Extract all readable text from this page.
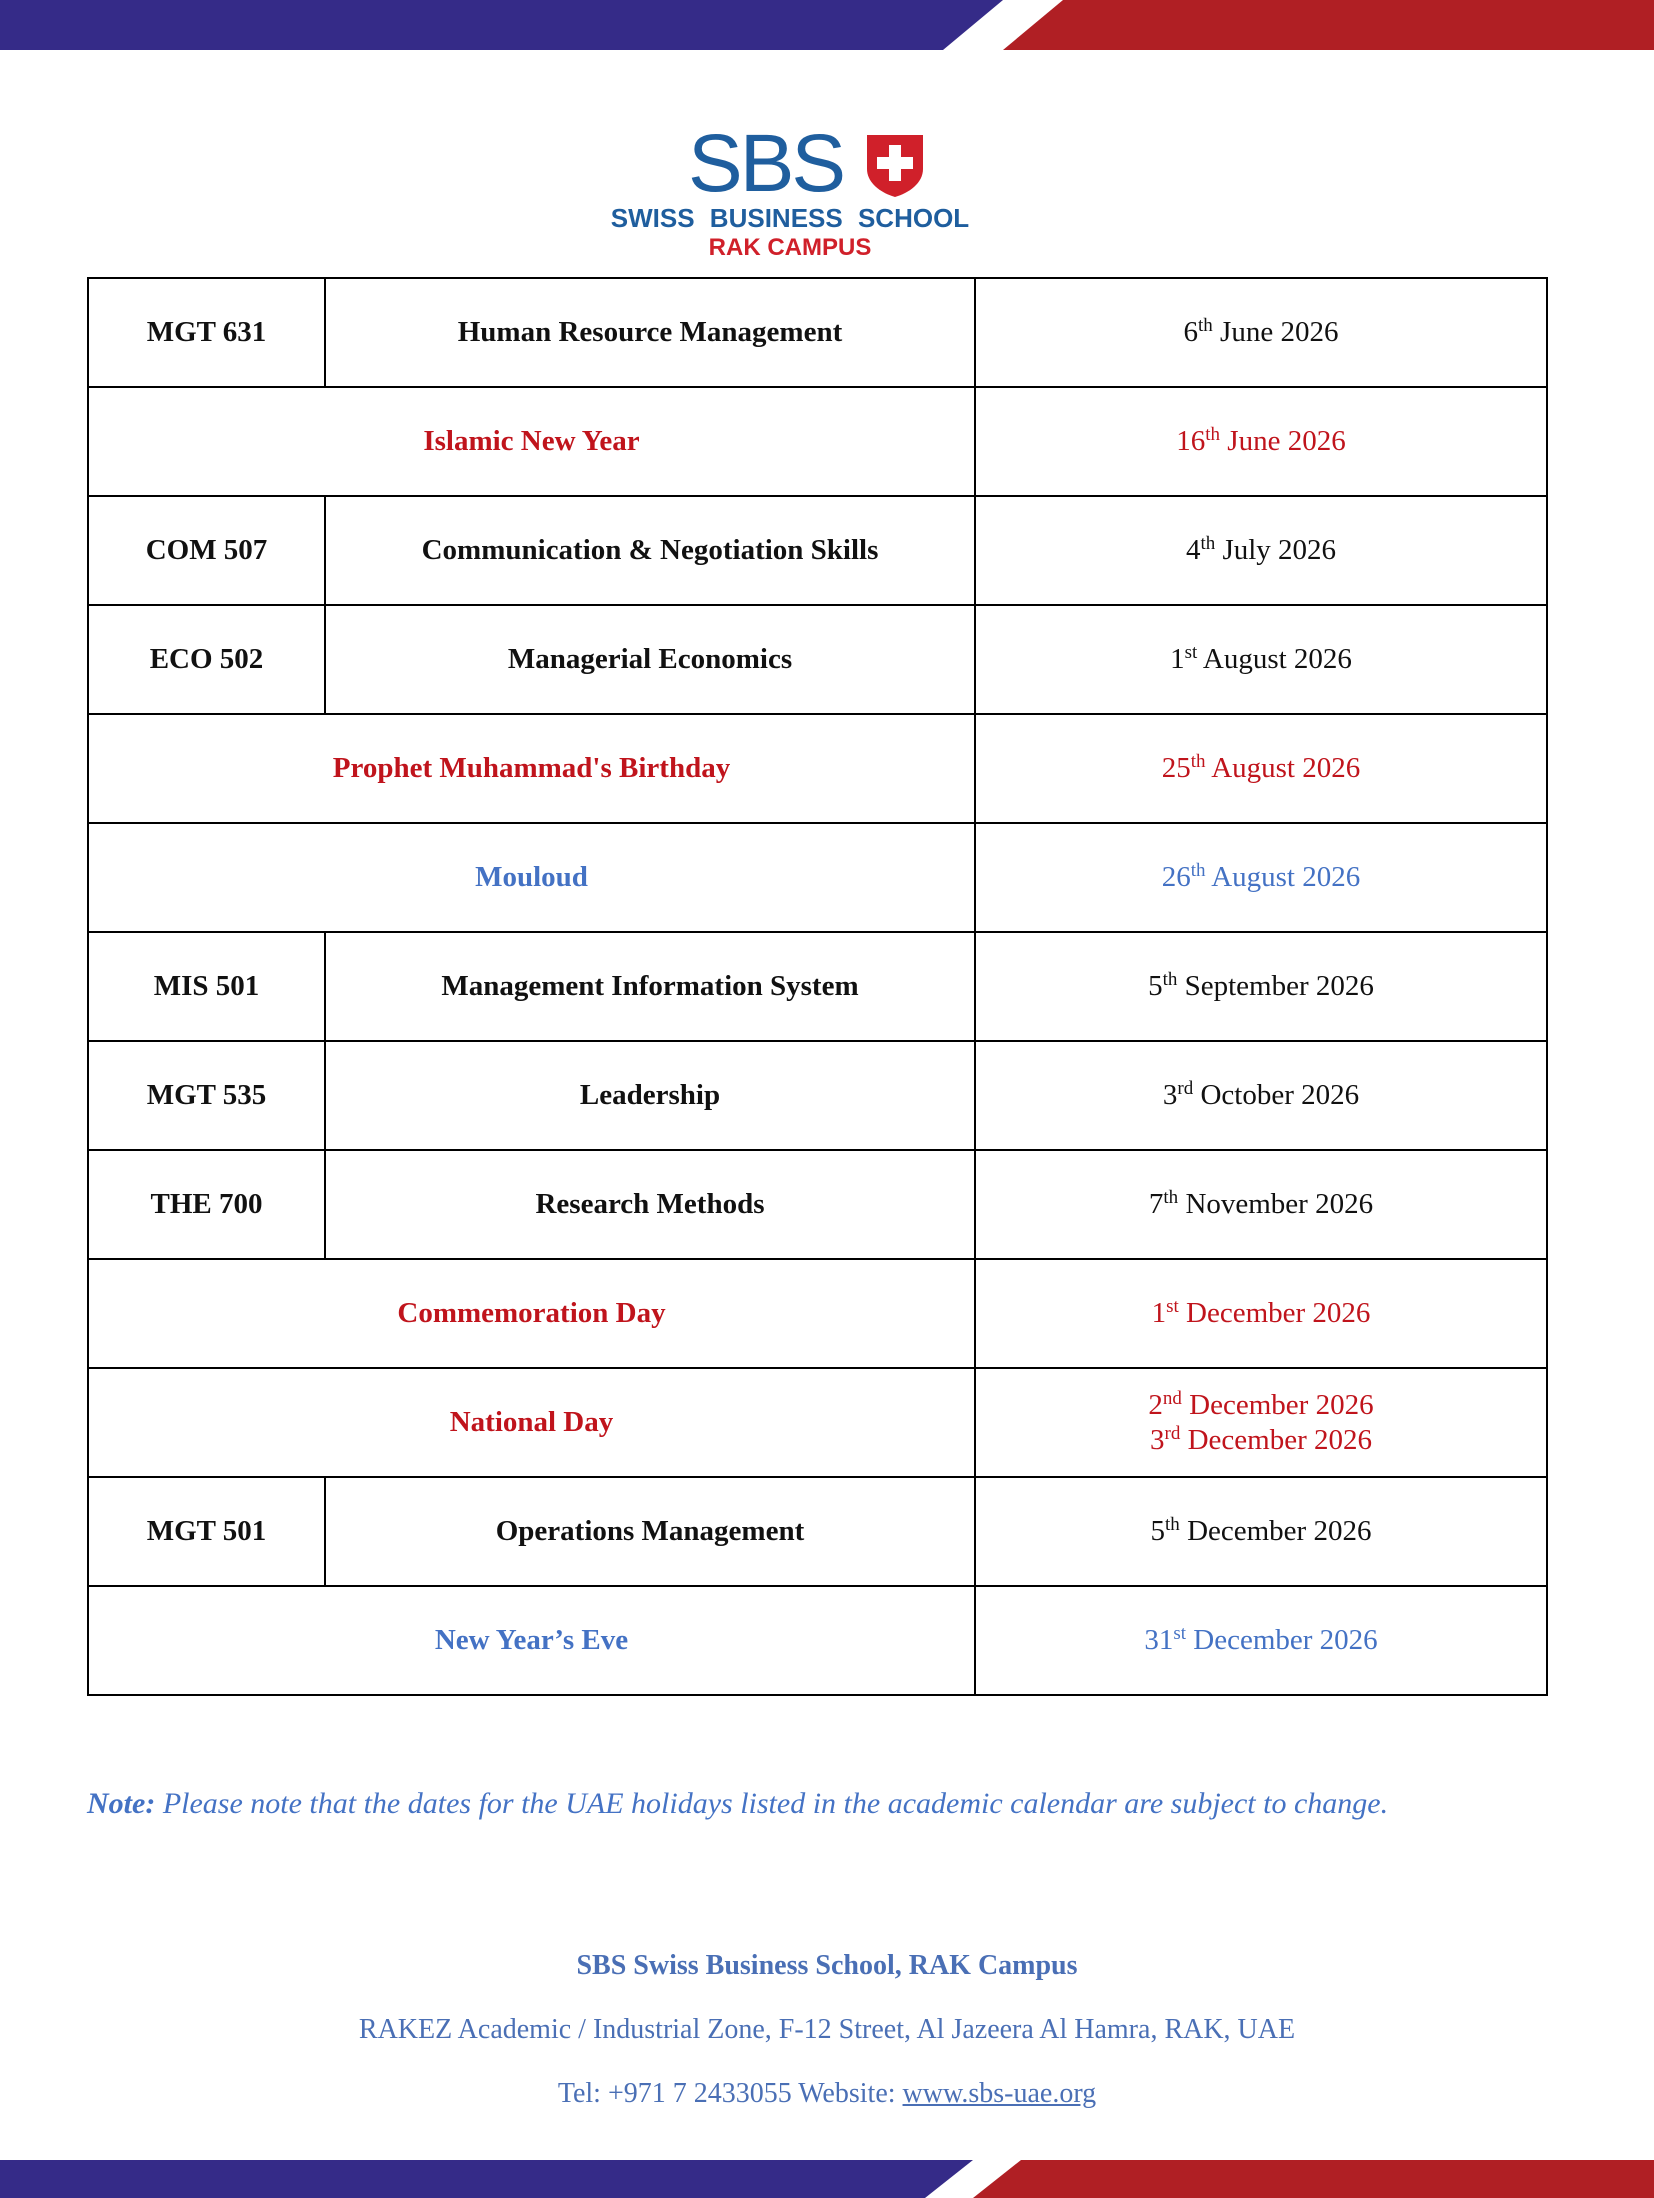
SBS
SWISS BUSINESS SCHOOL
RAK CAMPUS
MGT 631	Human Resource Management	6th June 2026

Islamic New Year		16th June 2026

COM 507	Communication & Negotiation Skills	4th July 2026

ECO 502	Managerial Economics	1st August 2026

Prophet Muhammad's Birthday		25th August 2026

Mouloud		26th August 2026

MIS 501	Management Information System	5th September 2026

MGT 535	Leadership	3rd October 2026

THE 700	Research Methods	7th November 2026

Commemoration Day		1st December 2026

National Day		2nd December 2026
3rd December 2026

MGT 501	Operations Management	5th December 2026

New Year’s Eve		31st December 2026
Note: Please note that the dates for the UAE holidays listed in the academic calendar are subject to change.
SBS Swiss Business School, RAK Campus
RAKEZ Academic / Industrial Zone, F-12 Street, Al Jazeera Al Hamra, RAK, UAE
Tel: +971 7 2433055 Website: www.sbs-uae.org
